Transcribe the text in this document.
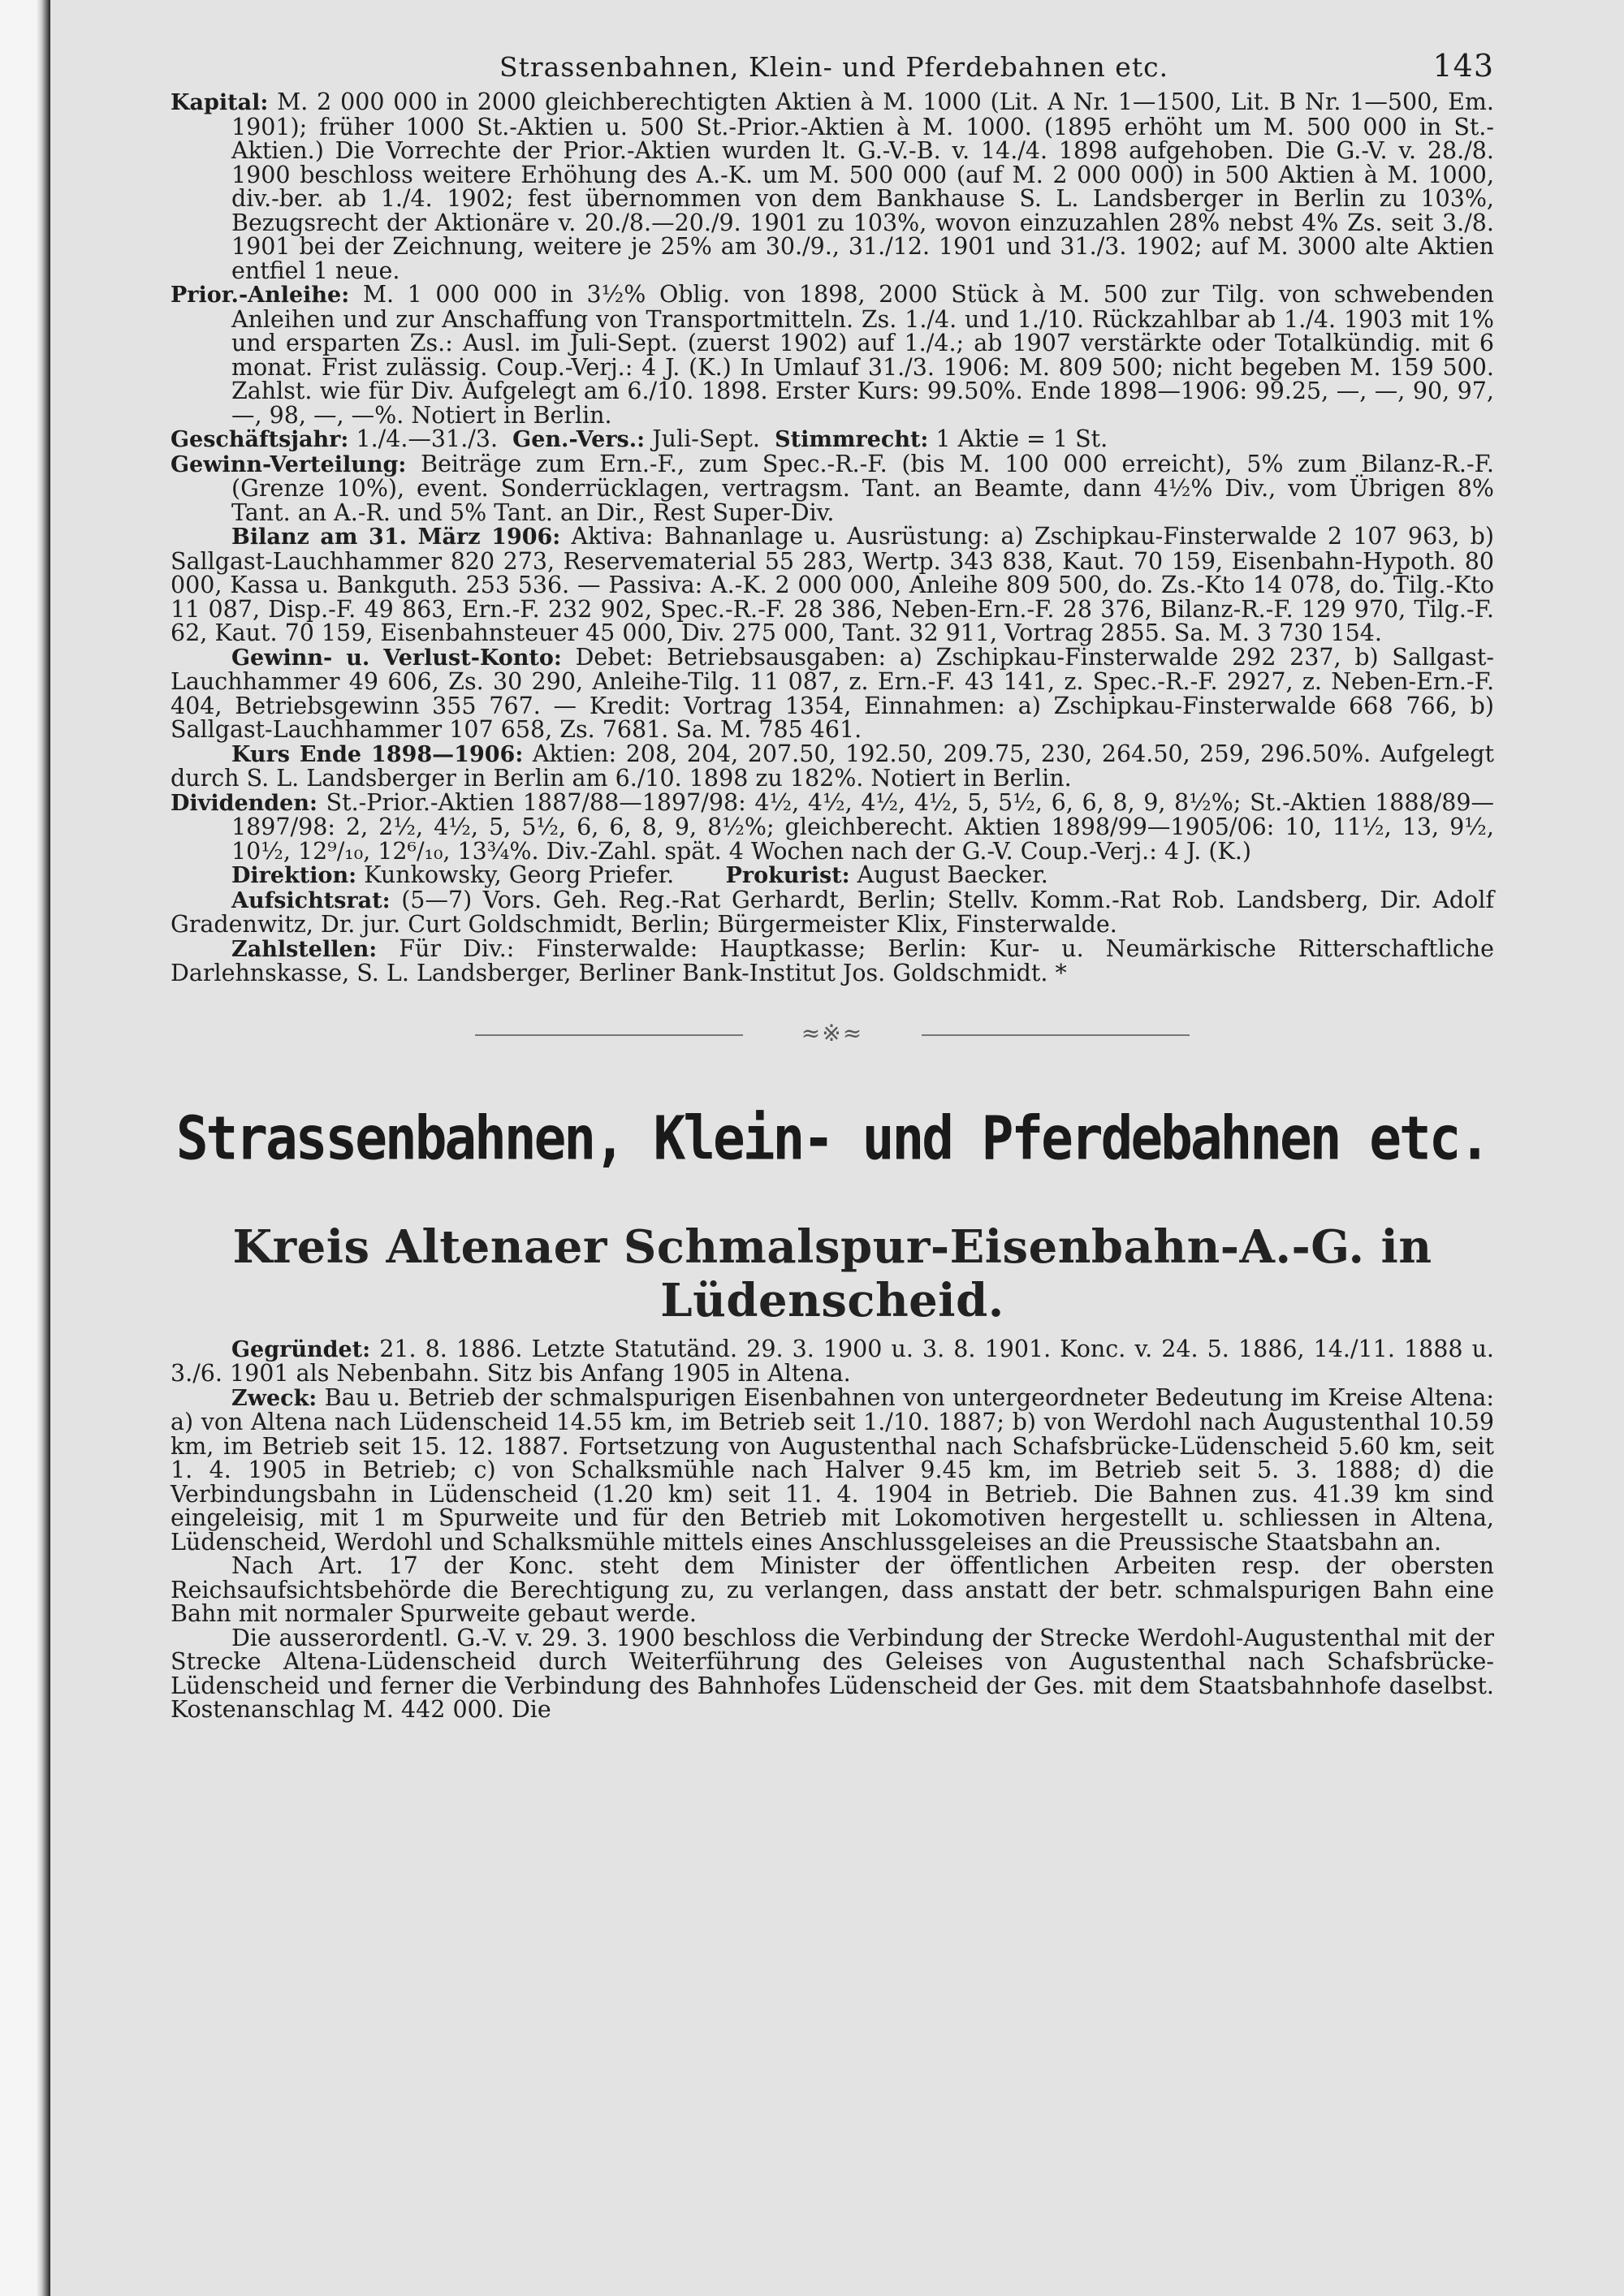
Strassenbahnen, Klein- und Pferdebahnen etc.	143

Kapital: M. 2 000 000 in 2000 gleichberechtigten Aktien à M. 1000 (Lit. A Nr. 1—1500, Lit. B Nr. 1—500, Em. 1901); früher 1000 St.-Aktien u. 500 St.-Prior.-Aktien à M. 1000. (1895 erhöht um M. 500 000 in St.-Aktien.) Die Vorrechte der Prior.-Aktien wurden lt. G.-V.-B. v. 14./4. 1898 aufgehoben. Die G.-V. v. 28./8. 1900 beschloss weitere Erhöhung des A.-K. um M. 500 000 (auf M. 2 000 000) in 500 Aktien à M. 1000, div.-ber. ab 1./4. 1902; fest übernommen von dem Bankhause S. L. Landsberger in Berlin zu 103%, Bezugsrecht der Aktionäre v. 20./8.—20./9. 1901 zu 103%, wovon einzuzahlen 28% nebst 4% Zs. seit 3./8. 1901 bei der Zeichnung, weitere je 25% am 30./9., 31./12. 1901 und 31./3. 1902; auf M. 3000 alte Aktien entfiel 1 neue.

Prior.-Anleihe: M. 1 000 000 in 3½% Oblig. von 1898, 2000 Stück à M. 500 zur Tilg. von schwebenden Anleihen und zur Anschaffung von Transportmitteln. Zs. 1./4. und 1./10. Rückzahlbar ab 1./4. 1903 mit 1% und ersparten Zs.: Ausl. im Juli-Sept. (zuerst 1902) auf 1./4.; ab 1907 verstärkte oder Totalkündig. mit 6 monat. Frist zulässig. Coup.-Verj.: 4 J. (K.) In Umlauf 31./3. 1906: M. 809 500; nicht begeben M. 159 500. Zahlst. wie für Div. Aufgelegt am 6./10. 1898. Erster Kurs: 99.50%. Ende 1898—1906: 99.25, —, —, 90, 97, —, 98, —, —%. Notiert in Berlin.

Geschäftsjahr: 1./4.—31./3. Gen.-Vers.: Juli-Sept. Stimmrecht: 1 Aktie = 1 St.

Gewinn-Verteilung: Beiträge zum Ern.-F., zum Spec.-R.-F. (bis M. 100 000 erreicht), 5% zum Bilanz-R.-F. (Grenze 10%), event. Sonderrücklagen, vertragsm. Tant. an Beamte, dann 4½% Div., vom Übrigen 8% Tant. an A.-R. und 5% Tant. an Dir., Rest Super-Div.

Bilanz am 31. März 1906: Aktiva: Bahnanlage u. Ausrüstung: a) Zschipkau-Finsterwalde 2 107 963, b) Sallgast-Lauchhammer 820 273, Reservematerial 55 283, Wertp. 343 838, Kaut. 70 159, Eisenbahn-Hypoth. 80 000, Kassa u. Bankguth. 253 536. — Passiva: A.-K. 2 000 000, Anleihe 809 500, do. Zs.-Kto 14 078, do. Tilg.-Kto 11 087, Disp.-F. 49 863, Ern.-F. 232 902, Spec.-R.-F. 28 386, Neben-Ern.-F. 28 376, Bilanz-R.-F. 129 970, Tilg.-F. 62, Kaut. 70 159, Eisenbahnsteuer 45 000, Div. 275 000, Tant. 32 911, Vortrag 2855. Sa. M. 3 730 154.

Gewinn- u. Verlust-Konto: Debet: Betriebsausgaben: a) Zschipkau-Finsterwalde 292 237, b) Sallgast-Lauchhammer 49 606, Zs. 30 290, Anleihe-Tilg. 11 087, z. Ern.-F. 43 141, z. Spec.-R.-F. 2927, z. Neben-Ern.-F. 404, Betriebsgewinn 355 767. — Kredit: Vortrag 1354, Einnahmen: a) Zschipkau-Finsterwalde 668 766, b) Sallgast-Lauchhammer 107 658, Zs. 7681. Sa. M. 785 461.

Kurs Ende 1898—1906: Aktien: 208, 204, 207.50, 192.50, 209.75, 230, 264.50, 259, 296.50%. Aufgelegt durch S. L. Landsberger in Berlin am 6./10. 1898 zu 182%. Notiert in Berlin.

Dividenden: St.-Prior.-Aktien 1887/88—1897/98: 4½, 4½, 4½, 4½, 5, 5½, 6, 6, 8, 9, 8½%; St.-Aktien 1888/89—1897/98: 2, 2½, 4½, 5, 5½, 6, 6, 8, 9, 8½%; gleichberecht. Aktien 1898/99—1905/06: 10, 11½, 13, 9½, 10½, 12⁹/₁₀, 12⁶/₁₀, 13¾%. Div.-Zahl. spät. 4 Wochen nach der G.-V. Coup.-Verj.: 4 J. (K.)

Direktion: Kunkowsky, Georg Priefer. Prokurist: August Baecker.

Aufsichtsrat: (5—7) Vors. Geh. Reg.-Rat Gerhardt, Berlin; Stellv. Komm.-Rat Rob. Landsberg, Dir. Adolf Gradenwitz, Dr. jur. Curt Goldschmidt, Berlin; Bürgermeister Klix, Finsterwalde.

Zahlstellen: Für Div.: Finsterwalde: Hauptkasse; Berlin: Kur- u. Neumärkische Ritterschaftliche Darlehnskasse, S. L. Landsberger, Berliner Bank-Institut Jos. Goldschmidt. *

≈※≈
Strassenbahnen, Klein- und Pferdebahnen etc.
Kreis Altenaer Schmalspur-Eisenbahn-A.-G. in Lüdenscheid.

Gegründet: 21. 8. 1886. Letzte Statutänd. 29. 3. 1900 u. 3. 8. 1901. Konc. v. 24. 5. 1886, 14./11. 1888 u. 3./6. 1901 als Nebenbahn. Sitz bis Anfang 1905 in Altena.

Zweck: Bau u. Betrieb der schmalspurigen Eisenbahnen von untergeordneter Bedeutung im Kreise Altena: a) von Altena nach Lüdenscheid 14.55 km, im Betrieb seit 1./10. 1887; b) von Werdohl nach Augustenthal 10.59 km, im Betrieb seit 15. 12. 1887. Fortsetzung von Augustenthal nach Schafsbrücke-Lüdenscheid 5.60 km, seit 1. 4. 1905 in Betrieb; c) von Schalksmühle nach Halver 9.45 km, im Betrieb seit 5. 3. 1888; d) die Verbindungsbahn in Lüdenscheid (1.20 km) seit 11. 4. 1904 in Betrieb. Die Bahnen zus. 41.39 km sind eingeleisig, mit 1 m Spurweite und für den Betrieb mit Lokomotiven hergestellt u. schliessen in Altena, Lüdenscheid, Werdohl und Schalksmühle mittels eines Anschlussgeleises an die Preussische Staatsbahn an.

Nach Art. 17 der Konc. steht dem Minister der öffentlichen Arbeiten resp. der obersten Reichsaufsichtsbehörde die Berechtigung zu, zu verlangen, dass anstatt der betr. schmalspurigen Bahn eine Bahn mit normaler Spurweite gebaut werde.

Die ausserordentl. G.-V. v. 29. 3. 1900 beschloss die Verbindung der Strecke Werdohl-Augustenthal mit der Strecke Altena-Lüdenscheid durch Weiterführung des Geleises von Augustenthal nach Schafsbrücke-Lüdenscheid und ferner die Verbindung des Bahnhofes Lüdenscheid der Ges. mit dem Staatsbahnhofe daselbst. Kostenanschlag M. 442 000. Die
